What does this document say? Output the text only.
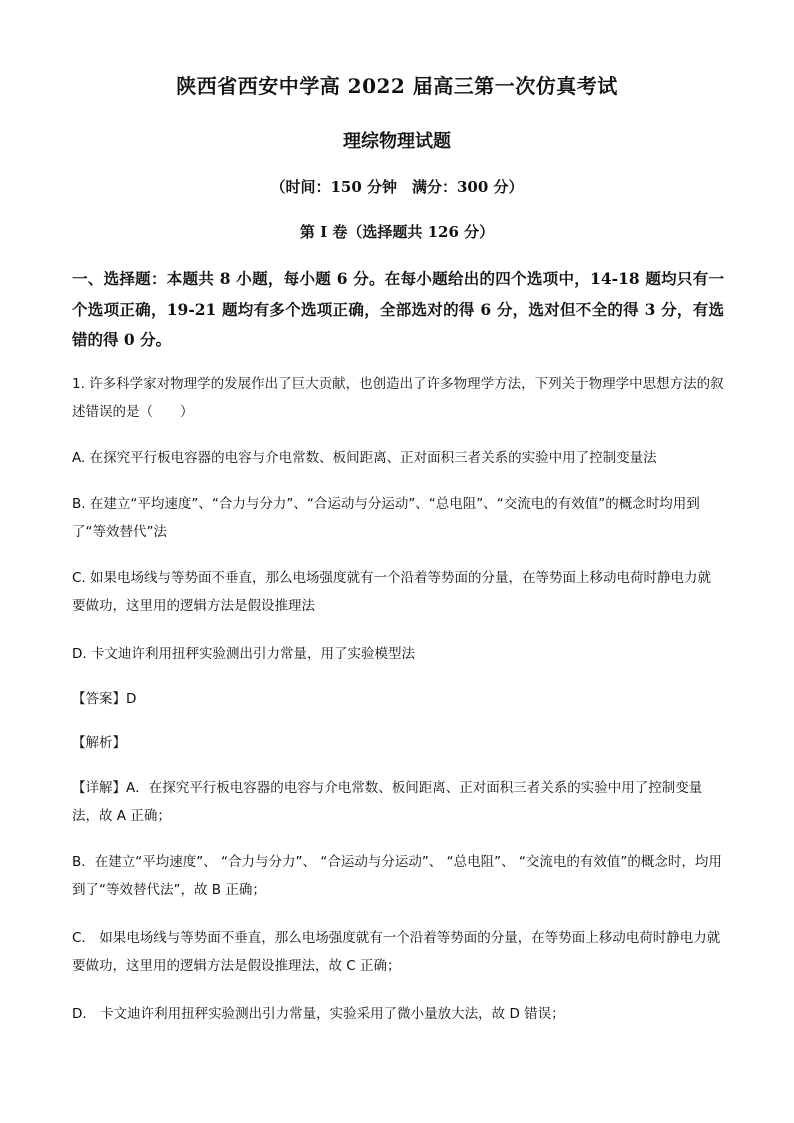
陕西省西安中学高 2022 届高三第一次仿真考试
理综物理试题
（时间：150 分钟　满分：300 分）
第 I 卷（选择题共 126 分）

一、选择题：本题共 8 小题，每小题 6 分。在每小题给出的四个选项中，14-18 题均只有一个选项正确，19-21 题均有多个选项正确，全部选对的得 6 分，选对但不全的得 3 分，有选错的得 0 分。

1. 许多科学家对物理学的发展作出了巨大贡献，也创造出了许多物理学方法，下列关于物理学中思想方法的叙述错误的是（　　）

A. 在探究平行板电容器的电容与介电常数、板间距离、正对面积三者关系的实验中用了控制变量法

B. 在建立“平均速度”、“合力与分力”、“合运动与分运动”、“总电阻”、“交流电的有效值”的概念时均用到了“等效替代”法

C. 如果电场线与等势面不垂直，那么电场强度就有一个沿着等势面的分量，在等势面上移动电荷时静电力就要做功，这里用的逻辑方法是假设推理法

D. 卡文迪许利用扭秤实验测出引力常量，用了实验模型法

【答案】D

【解析】

【详解】A．在探究平行板电容器的电容与介电常数、板间距离、正对面积三者关系的实验中用了控制变量法，故 A 正确；

B．在建立“平均速度”、 “合力与分力”、 “合运动与分运动”、 “总电阻”、 “交流电的有效值”的概念时，均用到了“等效替代法”，故 B 正确；

C． 如果电场线与等势面不垂直，那么电场强度就有一个沿着等势面的分量，在等势面上移动电荷时静电力就要做功，这里用的逻辑方法是假设推理法，故 C 正确；

D． 卡文迪许利用扭秤实验测出引力常量，实验采用了微小量放大法，故 D 错误；
